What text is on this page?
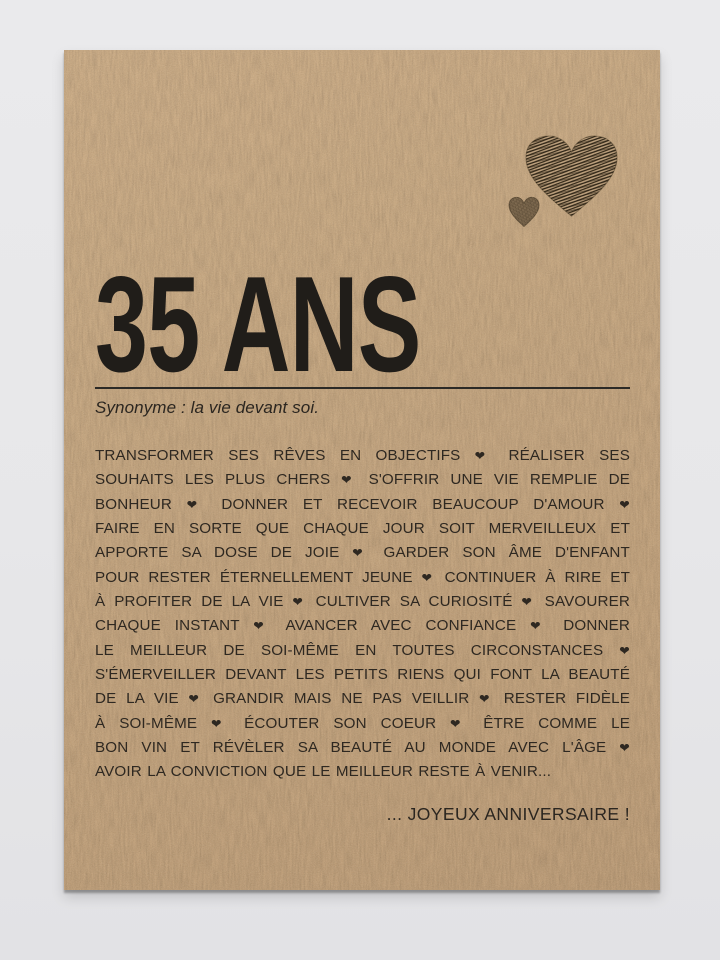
35 ANS

Synonyme : la vie devant soi.

TRANSFORMER SES RÊVES EN OBJECTIFS ❤ RÉALISER SES
SOUHAITS LES PLUS CHERS ❤ S'OFFRIR UNE VIE REMPLIE DE
BONHEUR ❤ DONNER ET RECEVOIR BEAUCOUP D'AMOUR ❤
FAIRE EN SORTE QUE CHAQUE JOUR SOIT MERVEILLEUX ET
APPORTE SA DOSE DE JOIE ❤ GARDER SON ÂME D'ENFANT
POUR RESTER ÉTERNELLEMENT JEUNE ❤ CONTINUER À RIRE ET
À PROFITER DE LA VIE ❤ CULTIVER SA CURIOSITÉ ❤ SAVOURER
CHAQUE INSTANT ❤ AVANCER AVEC CONFIANCE ❤ DONNER
LE MEILLEUR DE SOI-MÊME EN TOUTES CIRCONSTANCES ❤
S'ÉMERVEILLER DEVANT LES PETITS RIENS QUI FONT LA BEAUTÉ
DE LA VIE ❤ GRANDIR MAIS NE PAS VEILLIR ❤ RESTER FIDÈLE
À SOI-MÊME ❤ ÉCOUTER SON COEUR ❤ ÊTRE COMME LE
BON VIN ET RÉVÈLER SA BEAUTÉ AU MONDE AVEC L'ÂGE ❤
AVOIR LA CONVICTION QUE LE MEILLEUR RESTE À VENIR...

... JOYEUX ANNIVERSAIRE !
